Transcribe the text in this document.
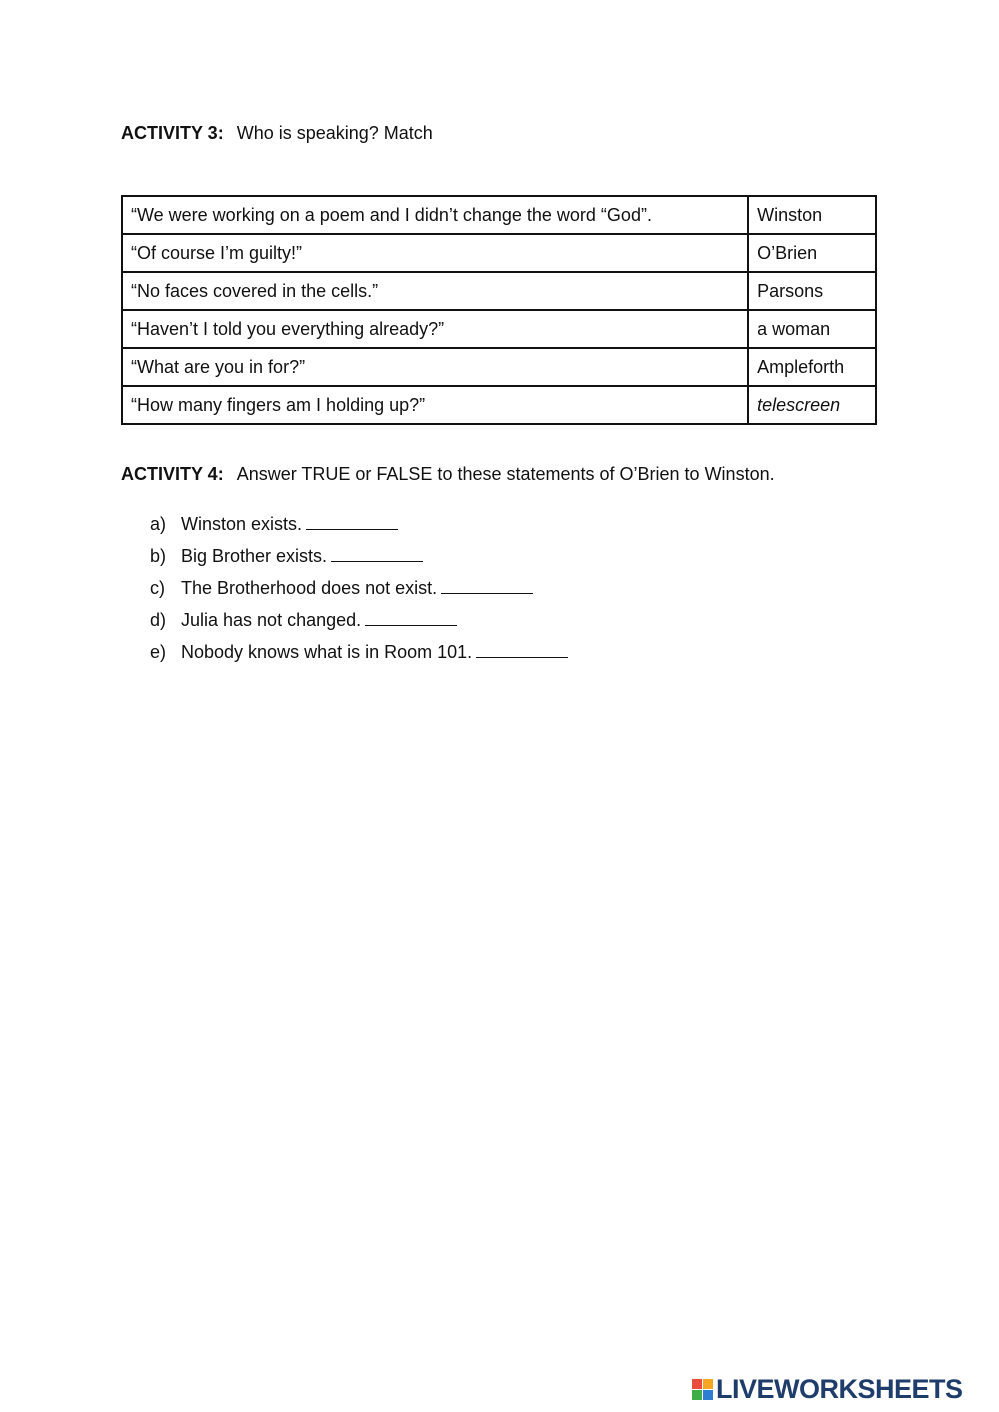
ACTIVITY 3: Who is speaking? Match
“We were working on a poem and I didn’t change the word “God”.	Winston
“Of course I’m guilty!”	O’Brien
“No faces covered in the cells.”	Parsons
“Haven’t I told you everything already?”	a woman
“What are you in for?”	Ampleforth
“How many fingers am I holding up?”	telescreen
ACTIVITY 4: Answer TRUE or FALSE to these statements of O’Brien to Winston.
a) Winston exists.
b) Big Brother exists.
c) The Brotherhood does not exist.
d) Julia has not changed.
e) Nobody knows what is in Room 101.
LIVEWORKSHEETS
